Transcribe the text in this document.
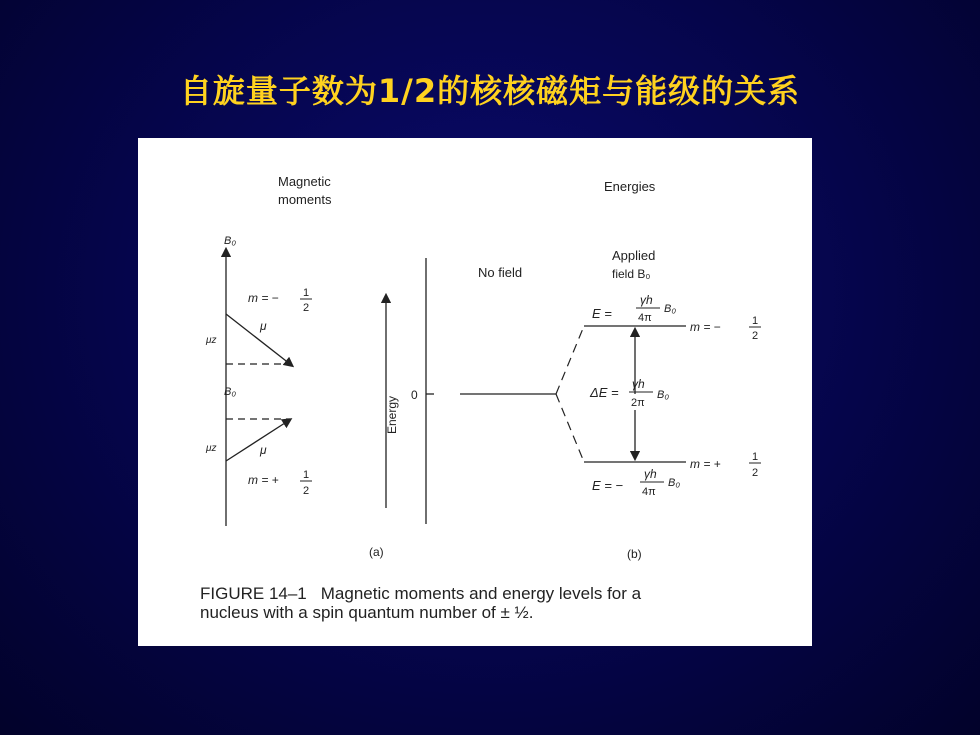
自旋量子数为1/2的核核磁矩与能级的关系
Magnetic
moments
Energies
B₀
m = − 1
2
μ
μz
B₀
μ
μz
m = + 1
2
Energy
0
No field
Applied
field B₀
E =
γh
4π
B₀
m = −	1
2
ΔE =
γh
2π
B₀
m = +	1
2
E = −
γh
4π
B₀
(a)	(b)
FIGURE 14–1 Magnetic moments and energy levels for a
nucleus with a spin quantum number of ± ½.
